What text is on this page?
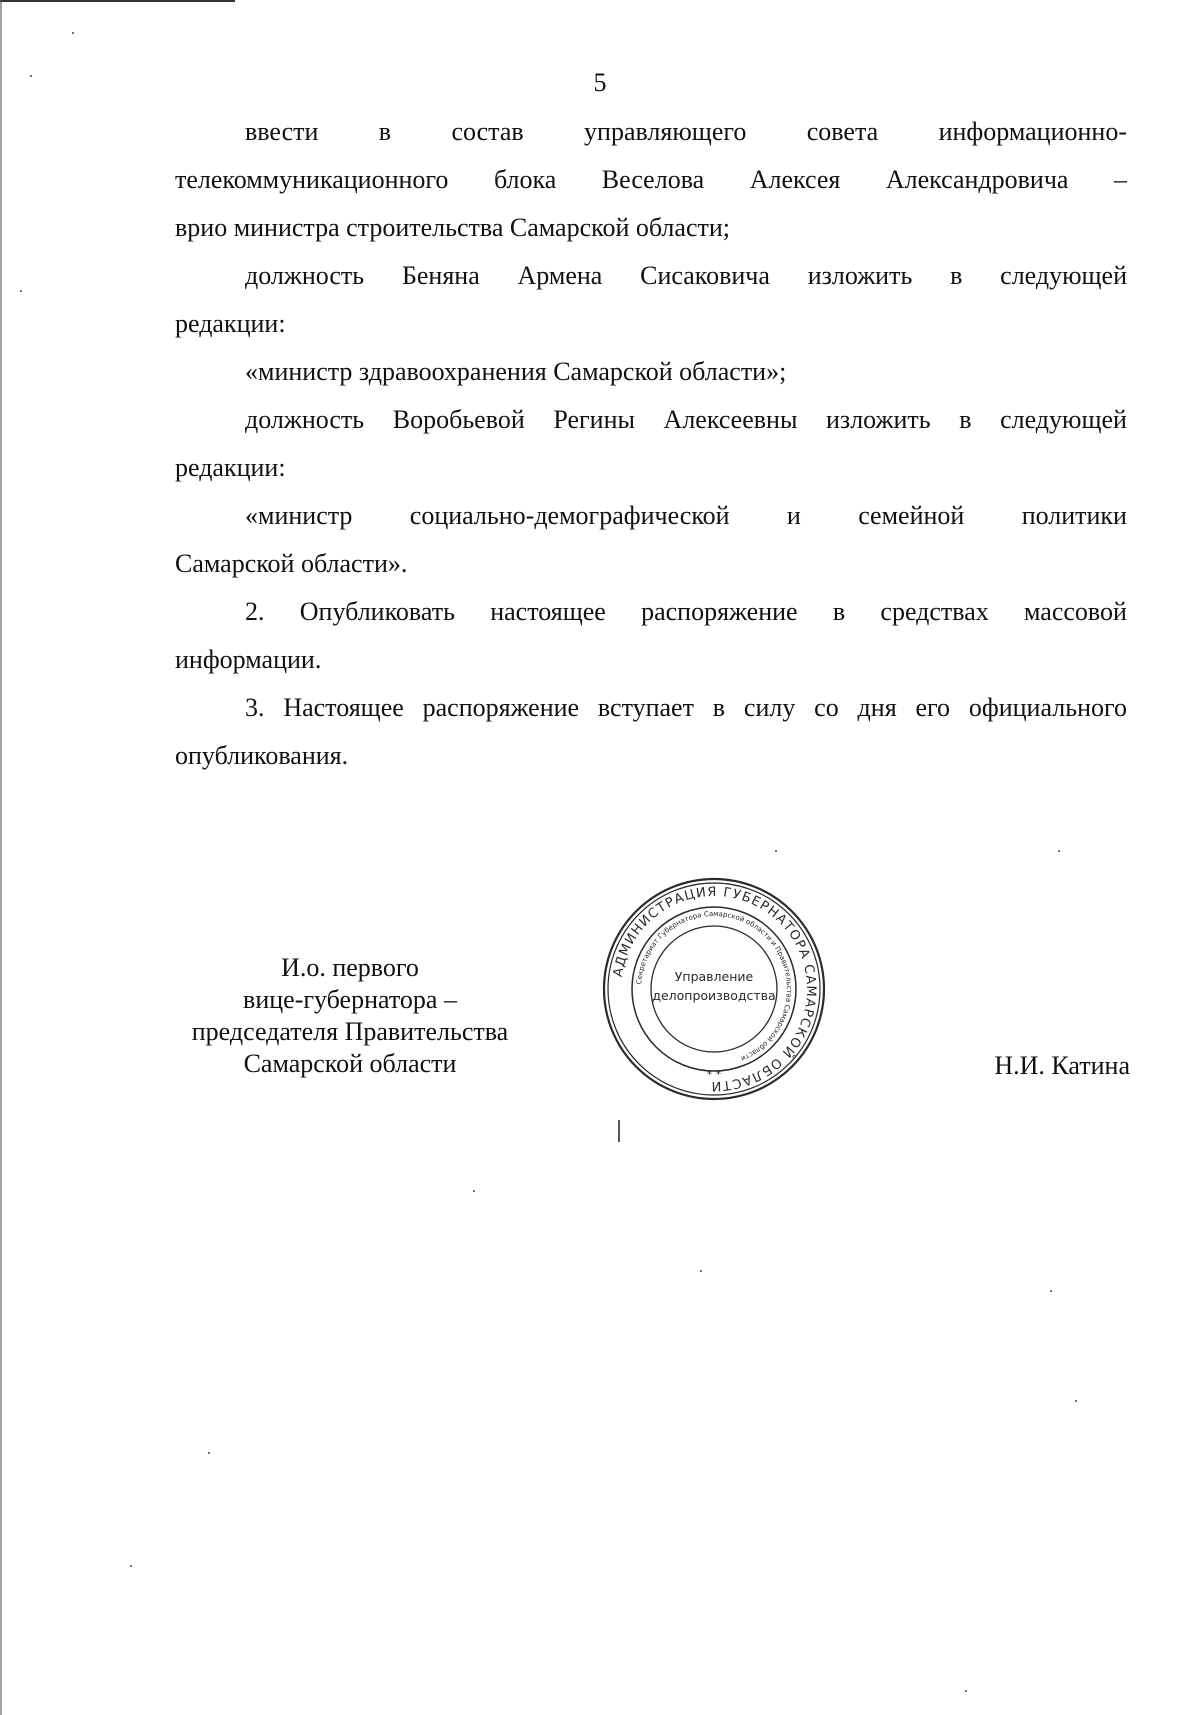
5
ввести в состав управляющего совета информационно-
телекоммуникационного блока Веселова Алексея Александровича –
врио министра строительства Самарской области;
должность Беняна Армена Сисаковича изложить в следующей
редакции:
«министр здравоохранения Самарской области»;
должность Воробьевой Регины Алексеевны изложить в следующей
редакции:
«министр социально-демографической и семейной политики
Самарской области».
2. Опубликовать настоящее распоряжение в средствах массовой
информации.
3. Настоящее распоряжение вступает в силу со дня его официального
опубликования.
И.о. первого
вице-губернатора –
председателя Правительства
Самарской области
АДМИНИСТРАЦИЯ ГУБЕРНАТОРА САМАРСКОЙ ОБЛАСТИ
Секретариат Губернатора Самарской области и Правительства Самарской области
Управление
делопроизводства
* *	Н.И. Катина
